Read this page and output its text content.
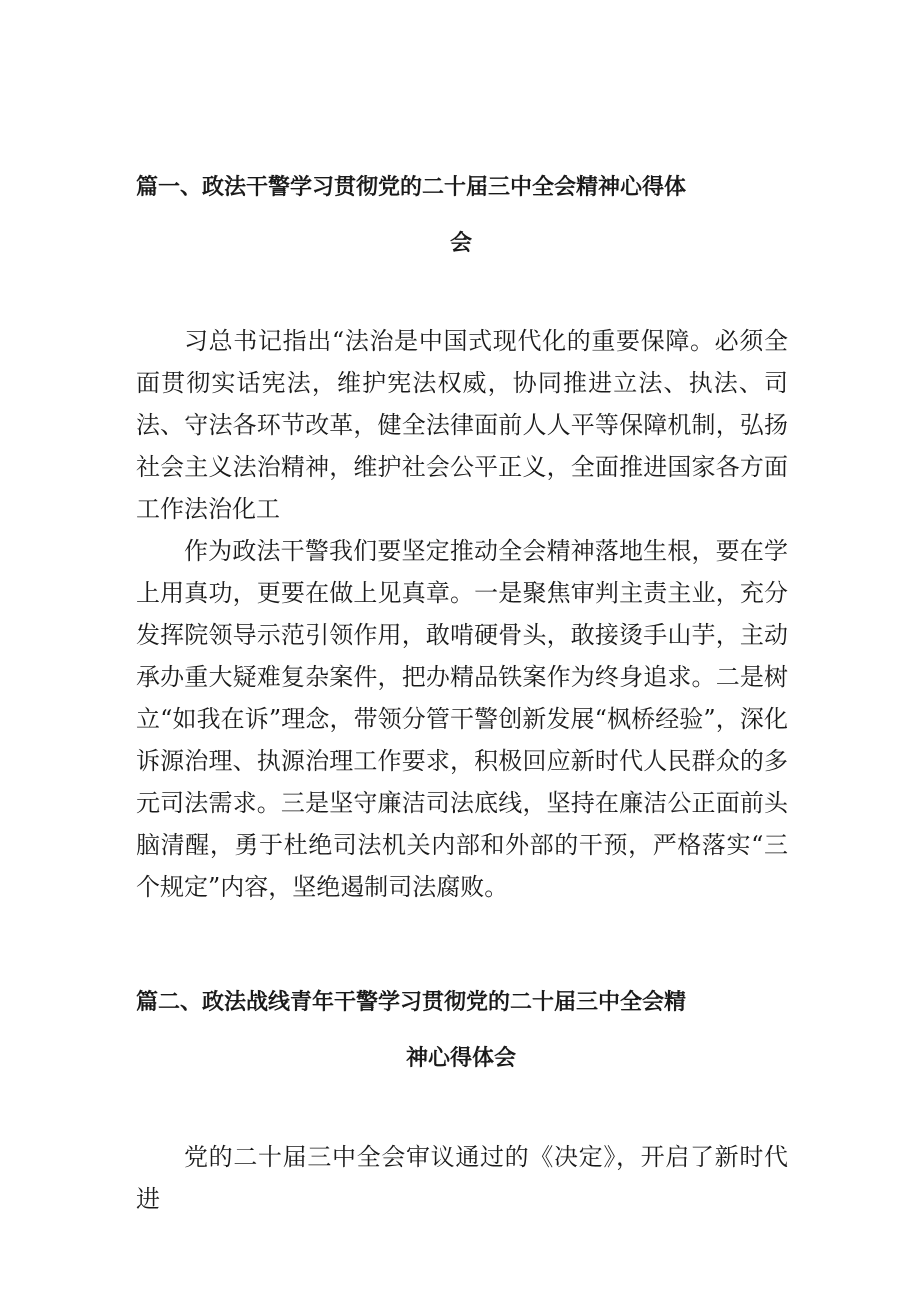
篇一、政法干警学习贯彻党的二十届三中全会精神心得体
会

习总书记指出“法治是中国式现代化的重要保障。必须全面贯彻实话宪法，维护宪法权威，协同推进立法、执法、司法、守法各环节改革，健全法律面前人人平等保障机制，弘扬社会主义法治精神，维护社会公平正义，全面推进国家各方面工作法治化工

作为政法干警我们要坚定推动全会精神落地生根，要在学上用真功，更要在做上见真章。一是聚焦审判主责主业，充分发挥院领导示范引领作用，敢啃硬骨头，敢接烫手山芋，主动承办重大疑难复杂案件，把办精品铁案作为终身追求。二是树立“如我在诉”理念，带领分管干警创新发展“枫桥经验”，深化诉源治理、执源治理工作要求，积极回应新时代人民群众的多元司法需求。三是坚守廉洁司法底线，坚持在廉洁公正面前头脑清醒，勇于杜绝司法机关内部和外部的干预，严格落实“三个规定”内容，坚绝遏制司法腐败。

篇二、政法战线青年干警学习贯彻党的二十届三中全会精
神心得体会

党的二十届三中全会审议通过的《决定》，开启了新时代进
